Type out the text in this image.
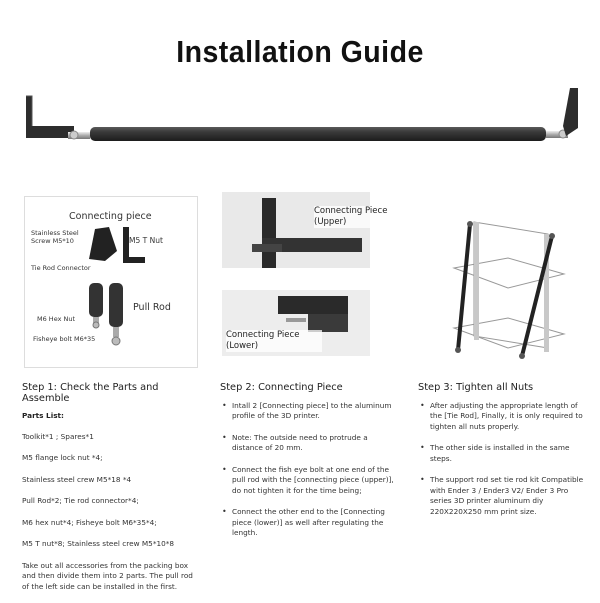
Installation Guide
Connecting piece
Stainless Steel Screw M5*10	M5 T Nut
Tie Rod Connector
Pull Rod
M6 Hex Nut
Fisheye bolt M6*35
Connecting Piece (Upper)
Connecting Piece (Lower)
Step 1: Check the Parts and Assemble
Parts List:

Toolkit*1 ; Spares*1

M5 flange lock nut *4;

Stainless steel crew M5*18 *4

Pull Rod*2; Tie rod connector*4;

M6 hex nut*4; Fisheye bolt M6*35*4;

M5 T nut*8; Stainless steel crew M5*10*8

Take out all accessories from the packing box and then divide them into 2 parts. The pull rod of the left side can be installed in the first.

Step 2: Connecting Piece
• Intall 2 [Connecting piece] to the aluminum profile of the 3D printer.
• Note: The outside need to protrude a distance of 20 mm.
• Connect the fish eye bolt at one end of the pull rod with the [connecting piece (upper)], do not tighten it for the time being;
• Connect the other end to the [Connecting piece (lower)] as well after regulating the length.
Step 3: Tighten all Nuts
• After adjusting the appropriate length of the [Tie Rod], Finally, it is only required to tighten all nuts properly.
• The other side is installed in the same steps.
• The support rod set tie rod kit Compatible with Ender 3 / Ender3 V2/ Ender 3 Pro series 3D printer aluminum diy 220X220X250 mm print size.
